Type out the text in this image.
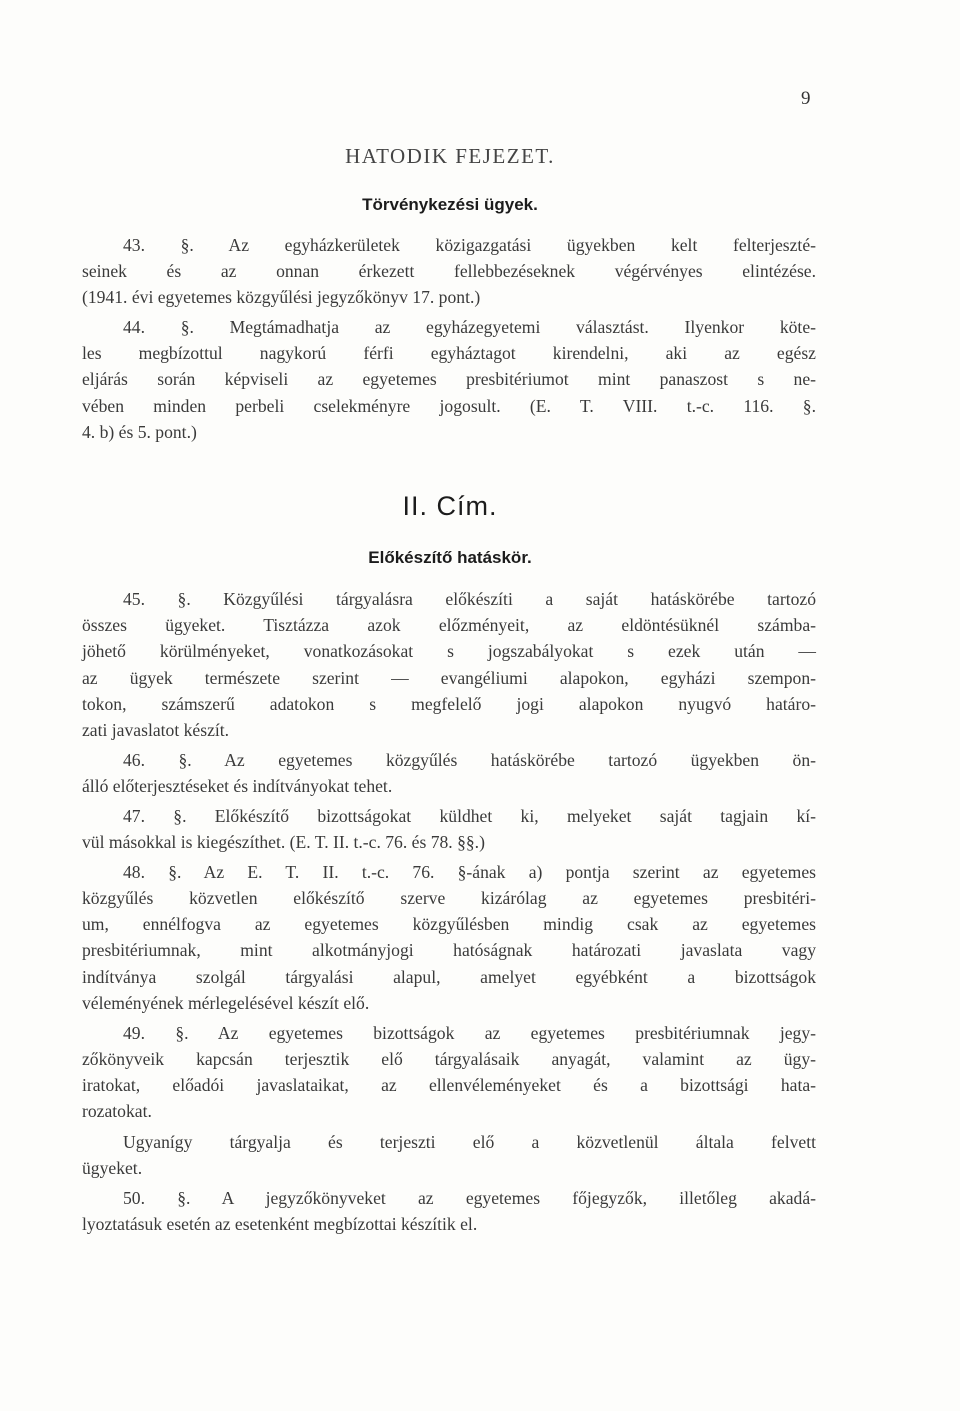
9
HATODIK FEJEZET.
Törvénykezési ügyek.
43. §. Az egyházkerületek közigazgatási ügyekben kelt felterjeszté-
seinek és az onnan érkezett fellebbezéseknek végérvényes elintézése.
(1941. évi egyetemes közgyűlési jegyzőkönyv 17. pont.)
44. §. Megtámadhatja az egyházegyetemi választást. Ilyenkor köte-
les megbízottul nagykorú férfi egyháztagot kirendelni, aki az egész
eljárás során képviseli az egyetemes presbitériumot mint panaszost s ne-
vében minden perbeli cselekményre jogosult. (E. T. VIII. t.-c. 116. §.
4. b) és 5. pont.)
II. Cím.
Előkészítő hatáskör.
45. §. Közgyűlési tárgyalásra előkészíti a saját hatáskörébe tartozó
összes ügyeket. Tisztázza azok előzményeit, az eldöntésüknél számba-
jöhető körülményeket, vonatkozásokat s jogszabályokat s ezek után —
az ügyek természete szerint — evangéliumi alapokon, egyházi szempon-
tokon, számszerű adatokon s megfelelő jogi alapokon nyugvó határo-
zati javaslatot készít.
46. §. Az egyetemes közgyűlés hatáskörébe tartozó ügyekben ön-
álló előterjesztéseket és indítványokat tehet.
47. §. Előkészítő bizottságokat küldhet ki, melyeket saját tagjain kí-
vül másokkal is kiegészíthet. (E. T. II. t.-c. 76. és 78. §§.)
48. §. Az E. T. II. t.-c. 76. §-ának a) pontja szerint az egyetemes
közgyűlés közvetlen előkészítő szerve kizárólag az egyetemes presbitéri-
um, ennélfogva az egyetemes közgyűlésben mindig csak az egyetemes
presbitériumnak, mint alkotmányjogi hatóságnak határozati javaslata vagy
indítványa szolgál tárgyalási alapul, amelyet egyébként a bizottságok
véleményének mérlegelésével készít elő.
49. §. Az egyetemes bizottságok az egyetemes presbitériumnak jegy-
zőkönyveik kapcsán terjesztik elő tárgyalásaik anyagát, valamint az ügy-
iratokat, előadói javaslataikat, az ellenvéleményeket és a bizottsági hata-
rozatokat.
Ugyanígy tárgyalja és terjeszti elő a közvetlenül általa felvett
ügyeket.
50. §. A jegyzőkönyveket az egyetemes főjegyzők, illetőleg akadá-
lyoztatásuk esetén az esetenként megbízottai készítik el.
